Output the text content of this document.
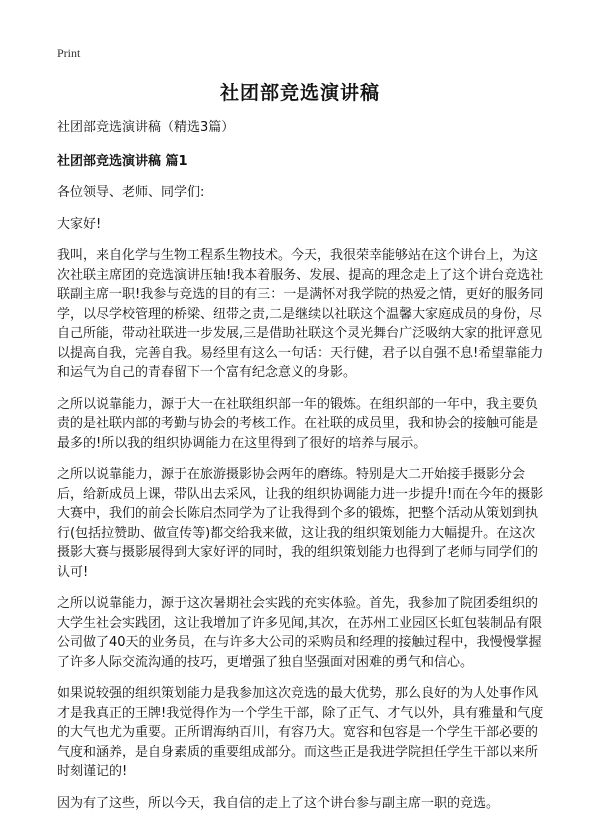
Print
社团部竞选演讲稿

社团部竞选演讲稿（精选3篇）

社团部竞选演讲稿 篇1

各位领导、老师、同学们:

大家好!

我叫，来自化学与生物工程系生物技术。今天，我很荣幸能够站在这个讲台上，为这次社联主席团的竞选演讲压轴!我本着服务、发展、提高的理念走上了这个讲台竞选社联副主席一职!我参与竞选的目的有三：一是满怀对我学院的热爱之情，更好的服务同学，以尽学校管理的桥梁、纽带之责,二是继续以社联这个温馨大家庭成员的身份，尽自己所能，带动社联进一步发展,三是借助社联这个灵光舞台广泛吸纳大家的批评意见以提高自我，完善自我。易经里有这么一句话：天行健，君子以自强不息!希望靠能力和运气为自己的青春留下一个富有纪念意义的身影。

之所以说靠能力，源于大一在社联组织部一年的锻炼。在组织部的一年中，我主要负责的是社联内部的考勤与协会的考核工作。在社联的成员里，我和协会的接触可能是最多的!所以我的组织协调能力在这里得到了很好的培养与展示。

之所以说靠能力，源于在旅游摄影协会两年的磨练。特别是大二开始接手摄影分会后，给新成员上课，带队出去采风，让我的组织协调能力进一步提升!而在今年的摄影大赛中，我们的前会长陈启杰同学为了让我得到个多的锻炼，把整个活动从策划到执行(包括拉赞助、做宣传等)都交给我来做，这让我的组织策划能力大幅提升。在这次摄影大赛与摄影展得到大家好评的同时，我的组织策划能力也得到了老师与同学们的认可!

之所以说靠能力，源于这次暑期社会实践的充实体验。首先，我参加了院团委组织的大学生社会实践团，这让我增加了许多见闻,其次，在苏州工业园区长虹包装制品有限公司做了40天的业务员，在与许多大公司的采购员和经理的接触过程中，我慢慢掌握了许多人际交流沟通的技巧，更增强了独自坚强面对困难的勇气和信心。

如果说较强的组织策划能力是我参加这次竞选的最大优势，那么良好的为人处事作风才是我真正的王牌!我觉得作为一个学生干部，除了正气、才气以外，具有雅量和气度的大气也尤为重要。正所谓海纳百川，有容乃大。宽容和包容是一个学生干部必要的气度和涵养，是自身素质的重要组成部分。而这些正是我进学院担任学生干部以来所时刻谨记的!

因为有了这些，所以今天，我自信的走上了这个讲台参与副主席一职的竞选。
